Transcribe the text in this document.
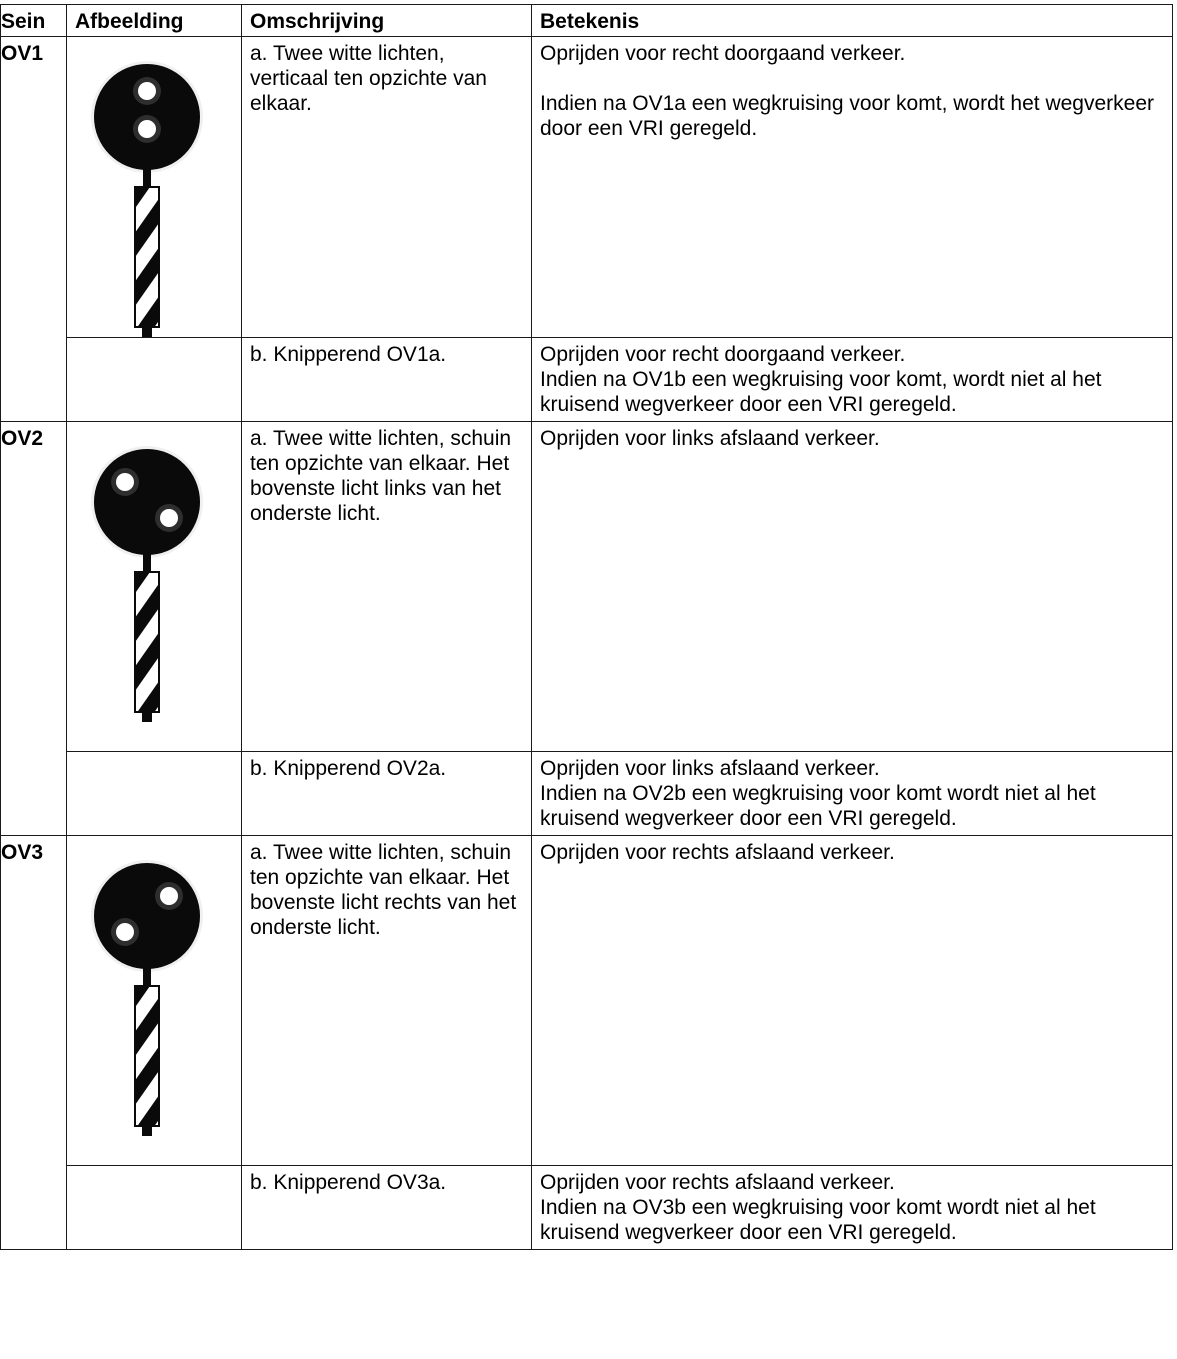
Sein	Afbeelding	Omschrijving	Betekenis
OV1		a. Twee witte lichten, verticaal ten opzichte van elkaar.	Oprijden voor recht doorgaand verkeer.
Indien na OV1a een wegkruising voor komt, wordt het wegverkeer door een VRI geregeld.

		b. Knipperend OV1a.	Oprijden voor recht doorgaand verkeer.
Indien na OV1b een wegkruising voor komt, wordt niet al het kruisend wegverkeer door een VRI geregeld.

OV2		a. Twee witte lichten, schuin ten opzichte van elkaar. Het bovenste licht links van het onderste licht.	Oprijden voor links afslaand verkeer.

		b. Knipperend OV2a.	Oprijden voor links afslaand verkeer.
Indien na OV2b een wegkruising voor komt wordt niet al het kruisend wegverkeer door een VRI geregeld.

OV3		a. Twee witte lichten, schuin ten opzichte van elkaar. Het bovenste licht rechts van het onderste licht.	Oprijden voor rechts afslaand verkeer.

		b. Knipperend OV3a.	Oprijden voor rechts afslaand verkeer.
Indien na OV3b een wegkruising voor komt wordt niet al het kruisend wegverkeer door een VRI geregeld.
